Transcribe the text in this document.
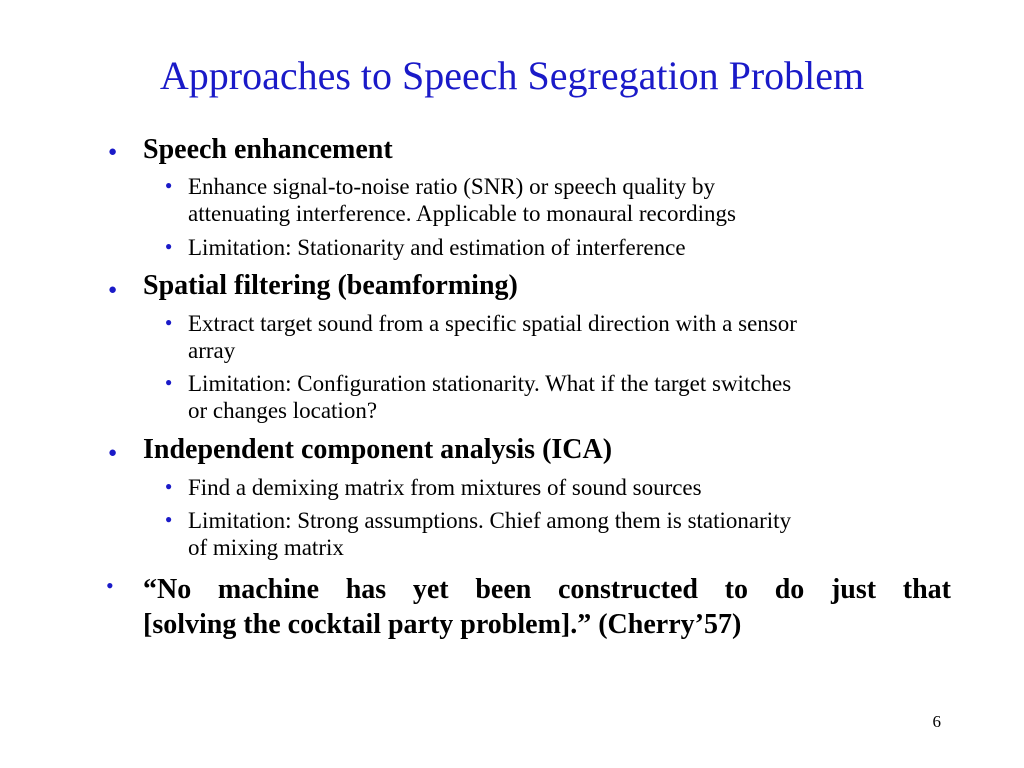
Approaches to Speech Segregation Problem
● Speech enhancement
● Enhance signal-to-noise ratio (SNR) or speech quality by
attenuating interference. Applicable to monaural recordings
● Limitation: Stationarity and estimation of interference
● Spatial filtering (beamforming)
● Extract target sound from a specific spatial direction with a sensor
array
● Limitation: Configuration stationarity. What if the target switches
or changes location?
● Independent component analysis (ICA)
● Find a demixing matrix from mixtures of sound sources
● Limitation: Strong assumptions. Chief among them is stationarity
of mixing matrix
• “No machine has yet been constructed to do just that
[solving the cocktail party problem].” (Cherry’57)
6
